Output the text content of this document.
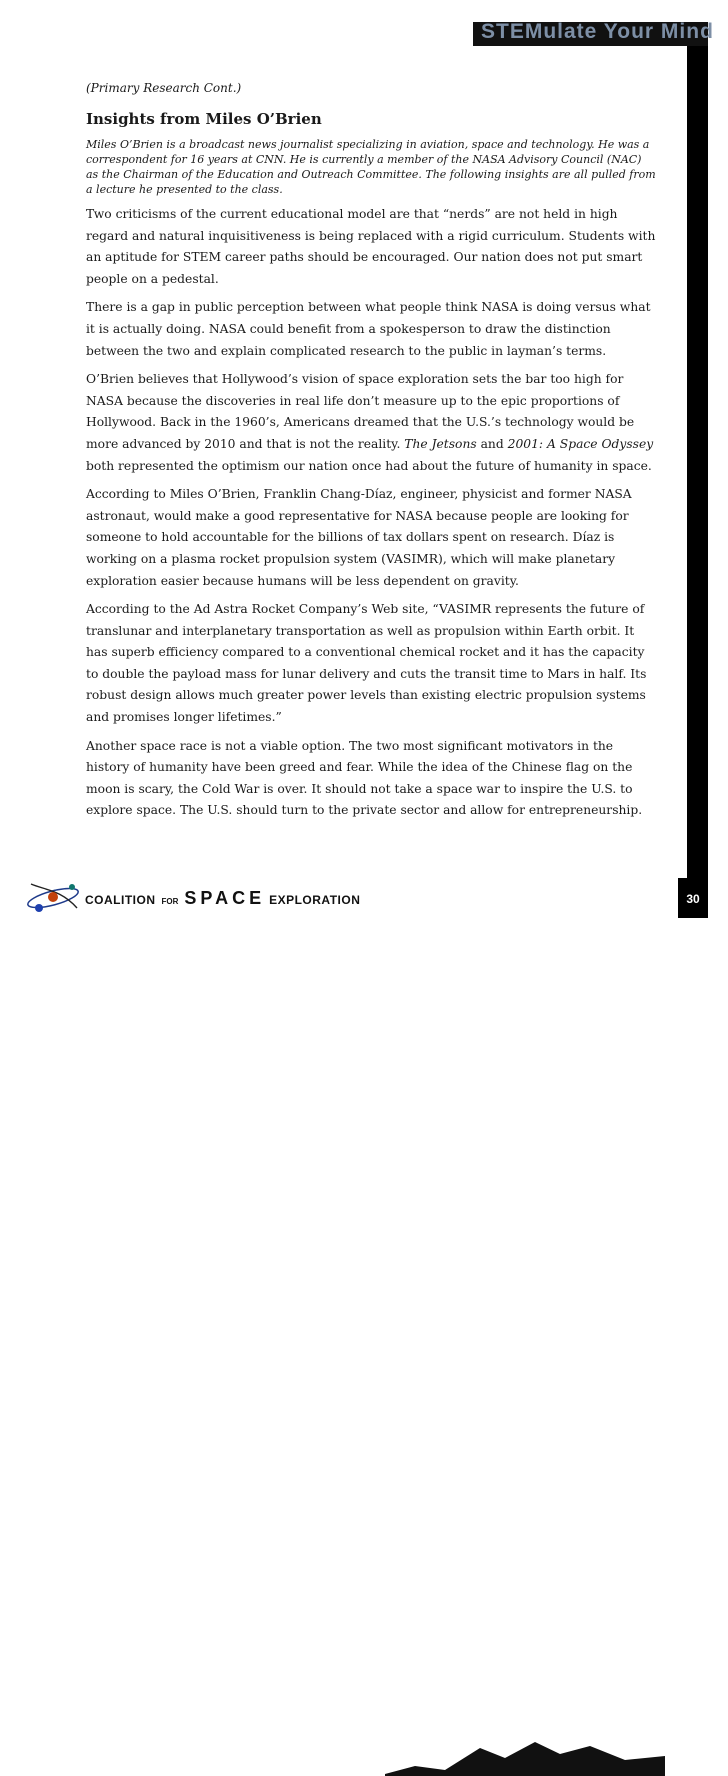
STEMulate Your Mind

(Primary Research Cont.)

Insights from Miles O’Brien

Miles O’Brien is a broadcast news journalist specializing in aviation, space and technology. He was a correspondent for 16 years at CNN. He is currently a member of the NASA Advisory Council (NAC) as the Chairman of the Education and Outreach Committee. The following insights are all pulled from a lecture he presented to the class.

Two criticisms of the current educational model are that “nerds” are not held in high regard and natural inquisitiveness is being replaced with a rigid curriculum. Students with an aptitude for STEM career paths should be encouraged. Our nation does not put smart people on a pedestal.

There is a gap in public perception between what people think NASA is doing versus what it is actually doing. NASA could benefit from a spokesperson to draw the distinction between the two and explain complicated research to the public in layman’s terms.

O’Brien believes that Hollywood’s vision of space exploration sets the bar too high for NASA because the discoveries in real life don’t measure up to the epic proportions of Hollywood. Back in the 1960’s, Americans dreamed that the U.S.’s technology would be more advanced by 2010 and that is not the reality. The Jetsons and 2001: A Space Odyssey both represented the optimism our nation once had about the future of humanity in space.

According to Miles O’Brien, Franklin Chang-Díaz, engineer, physicist and former NASA astronaut, would make a good representative for NASA because people are looking for someone to hold accountable for the billions of tax dollars spent on research. Díaz is working on a plasma rocket propulsion system (VASIMR), which will make planetary exploration easier because humans will be less dependent on gravity.

According to the Ad Astra Rocket Company’s Web site, “VASIMR represents the future of translunar and interplanetary transportation as well as propulsion within Earth orbit. It has superb efficiency compared to a conventional chemical rocket and it has the capacity to double the payload mass for lunar delivery and cuts the transit time to Mars in half. Its robust design allows much greater power levels than existing electric propulsion systems and promises longer lifetimes.”

Another space race is not a viable option. The two most significant motivators in the history of humanity have been greed and fear. While the idea of the Chinese flag on the moon is scary, the Cold War is over. It should not take a space war to inspire the U.S. to explore space. The U.S. should turn to the private sector and allow for entrepreneurship.

COALITION FOR SPACE EXPLORATION	30
